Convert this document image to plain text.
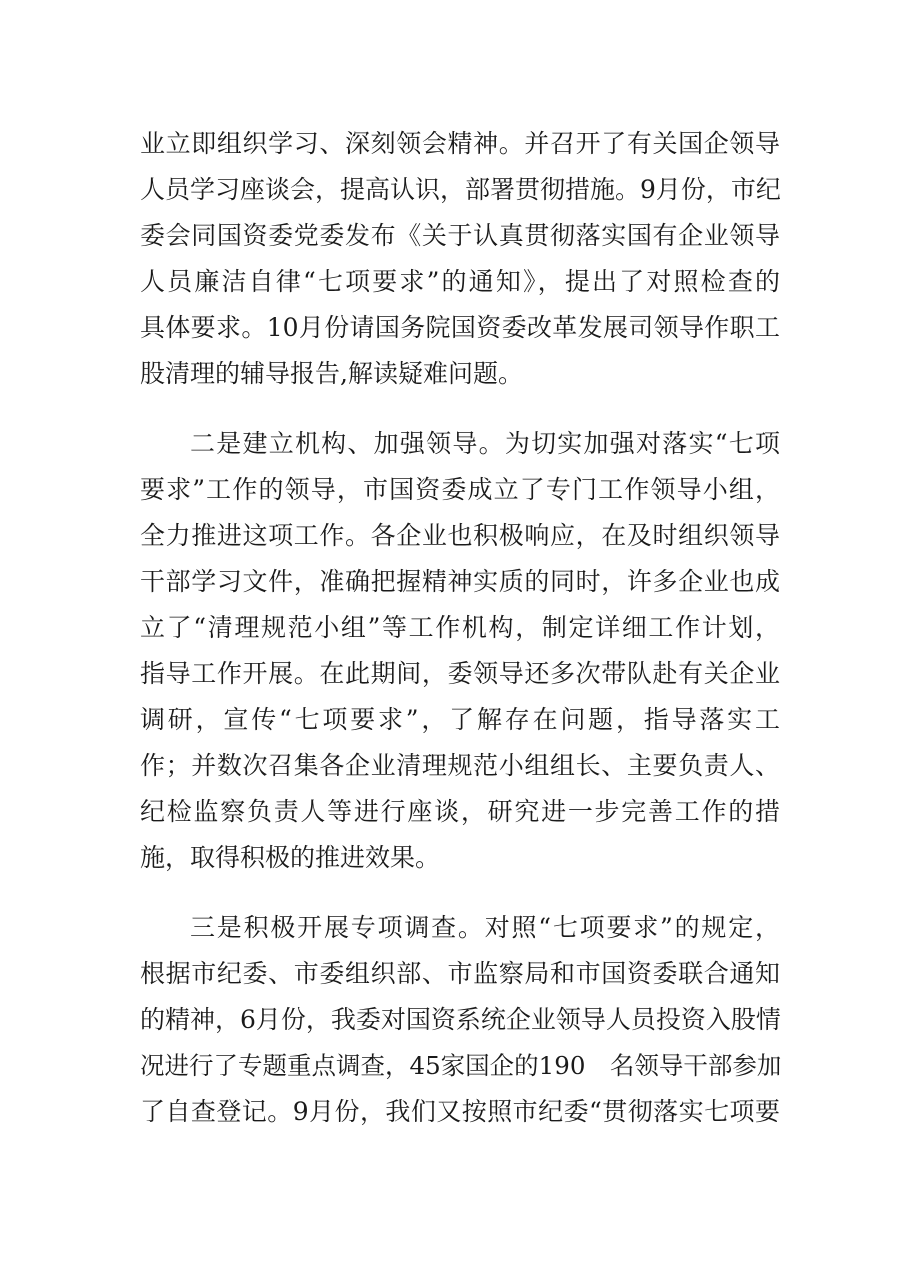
业立即组织学习、深刻领会精神。并召开了有关国企领导
人员学习座谈会，提高认识，部署贯彻措施。9月份，市纪
委会同国资委党委发布《关于认真贯彻落实国有企业领导
人员廉洁自律“七项要求”的通知》，提出了对照检查的
具体要求。10月份请国务院国资委改革发展司领导作职工
股清理的辅导报告,解读疑难问题。
二是建立机构、加强领导。为切实加强对落实“七项
要求”工作的领导，市国资委成立了专门工作领导小组，
全力推进这项工作。各企业也积极响应，在及时组织领导
干部学习文件，准确把握精神实质的同时，许多企业也成
立了“清理规范小组”等工作机构，制定详细工作计划，
指导工作开展。在此期间，委领导还多次带队赴有关企业
调研，宣传“七项要求”，了解存在问题，指导落实工
作；并数次召集各企业清理规范小组组长、主要负责人、
纪检监察负责人等进行座谈，研究进一步完善工作的措
施，取得积极的推进效果。
三是积极开展专项调查。对照“七项要求”的规定，
根据市纪委、市委组织部、市监察局和市国资委联合通知
的精神，6月份，我委对国资系统企业领导人员投资入股情
况进行了专题重点调查，45家国企的190　名领导干部参加
了自查登记。9月份，我们又按照市纪委“贯彻落实七项要
